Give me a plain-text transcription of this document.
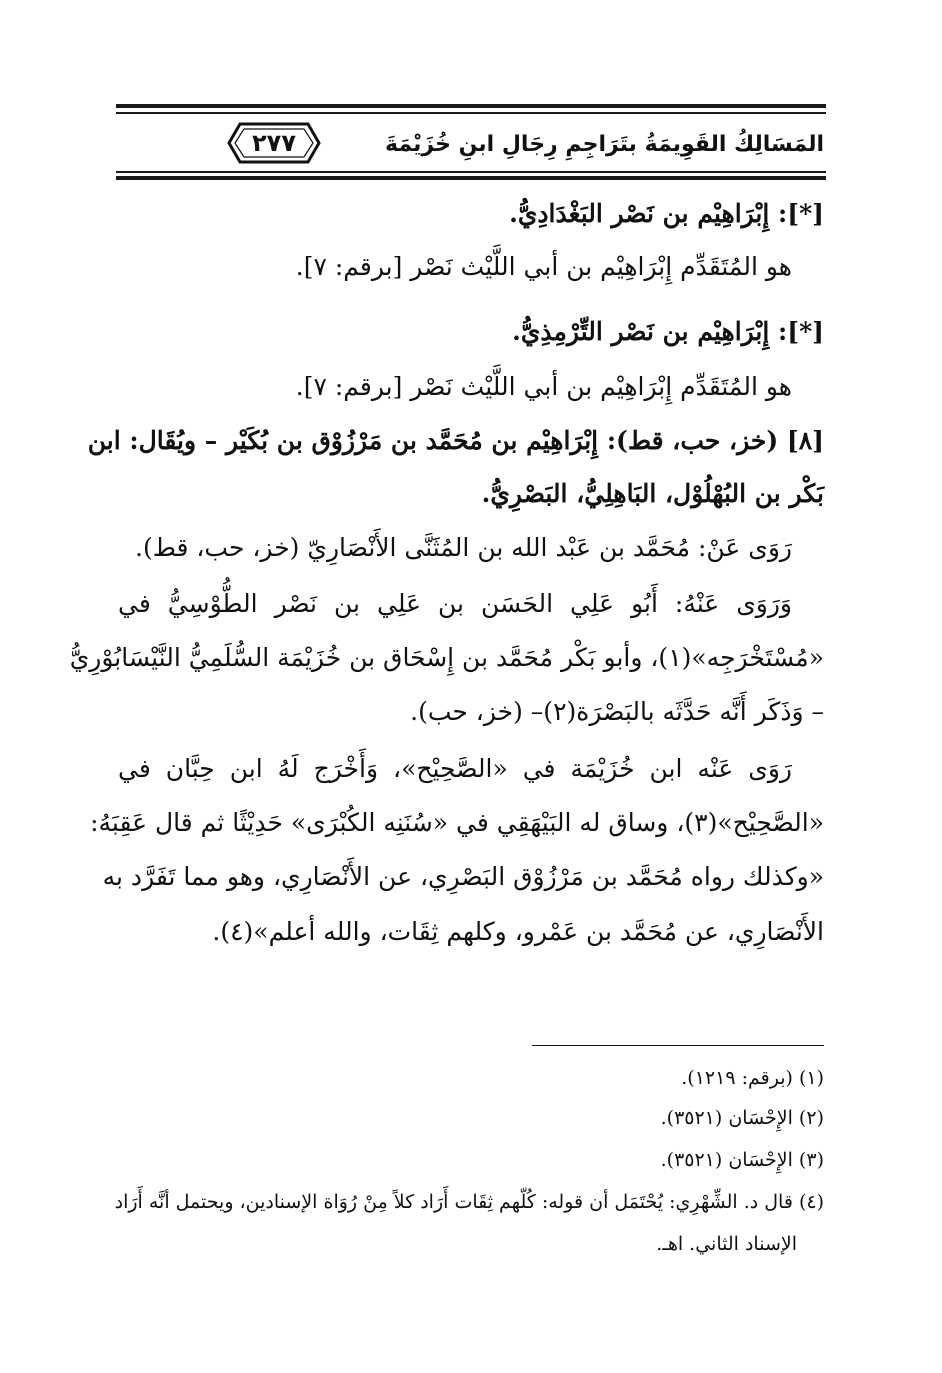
المَسَالِكُ القَوِيمَةُ بتَرَاجِمِ رِجَالِ ابنِ خُزَيْمَةَ
٢٧٧
[*]: إِبْرَاهِيْم بن نَصْر البَغْدَادِيُّ.
هو المُتَقَدِّم إِبْرَاهِيْم بن أبي اللَّيْث نَصْر [برقم: ٧].
[*]: إِبْرَاهِيْم بن نَصْر التِّرْمِذِيُّ.
هو المُتَقَدِّم إِبْرَاهِيْم بن أبي اللَّيْث نَصْر [برقم: ٧].
[٨] (خز، حب، قط): إِبْرَاهِيْم بن مُحَمَّد بن مَرْزُوْق بن بُكَيْر – ويُقَال: ابن
بَكْر بن البُهْلُوْل، البَاهِلِيُّ، البَصْرِيُّ.
رَوَى عَنْ: مُحَمَّد بن عَبْد الله بن المُثَنَّى الأَنْصَارِيّ (خز، حب، قط).
وَرَوَى عَنْهُ: أَبُو عَلِي الحَسَن بن عَلِي بن نَصْر الطُّوْسِيُّ في
«مُسْتَخْرَجِه»(١)، وأبو بَكْر مُحَمَّد بن إِسْحَاق بن خُزَيْمَة السُّلَمِيُّ النَّيْسَابُوْرِيُّ
– وَذَكَر أَنَّه حَدَّثَه بالبَصْرَة(٢)– (خز، حب).
رَوَى عَنْه ابن خُزَيْمَة في «الصَّحِيْح»، وَأَخْرَج لَهُ ابن حِبَّان في
«الصَّحِيْح»(٣)، وساق له البَيْهَقِي في «سُنَنِه الكُبْرَى» حَدِيْثًا ثم قال عَقِبَهُ:
«وكذلك رواه مُحَمَّد بن مَرْزُوْق البَصْرِي، عن الأَنْصَارِي، وهو مما تَفَرَّد به
الأَنْصَارِي، عن مُحَمَّد بن عَمْرو، وكلهم ثِقَات، والله أعلم»(٤).
(١) (برقم: ١٢١٩).
(٢) الإِحْسَان (٣٥٢١).
(٣) الإِحْسَان (٣٥٢١).
(٤) قال د. الشِّهْرِي: يُحْتَمَل أن قوله: كُلّهم ثِقَات أَرَاد كلاً مِنْ رُوَاة الإسنادين، ويحتمل أنَّه أَرَاد
الإسناد الثاني. اهـ.
